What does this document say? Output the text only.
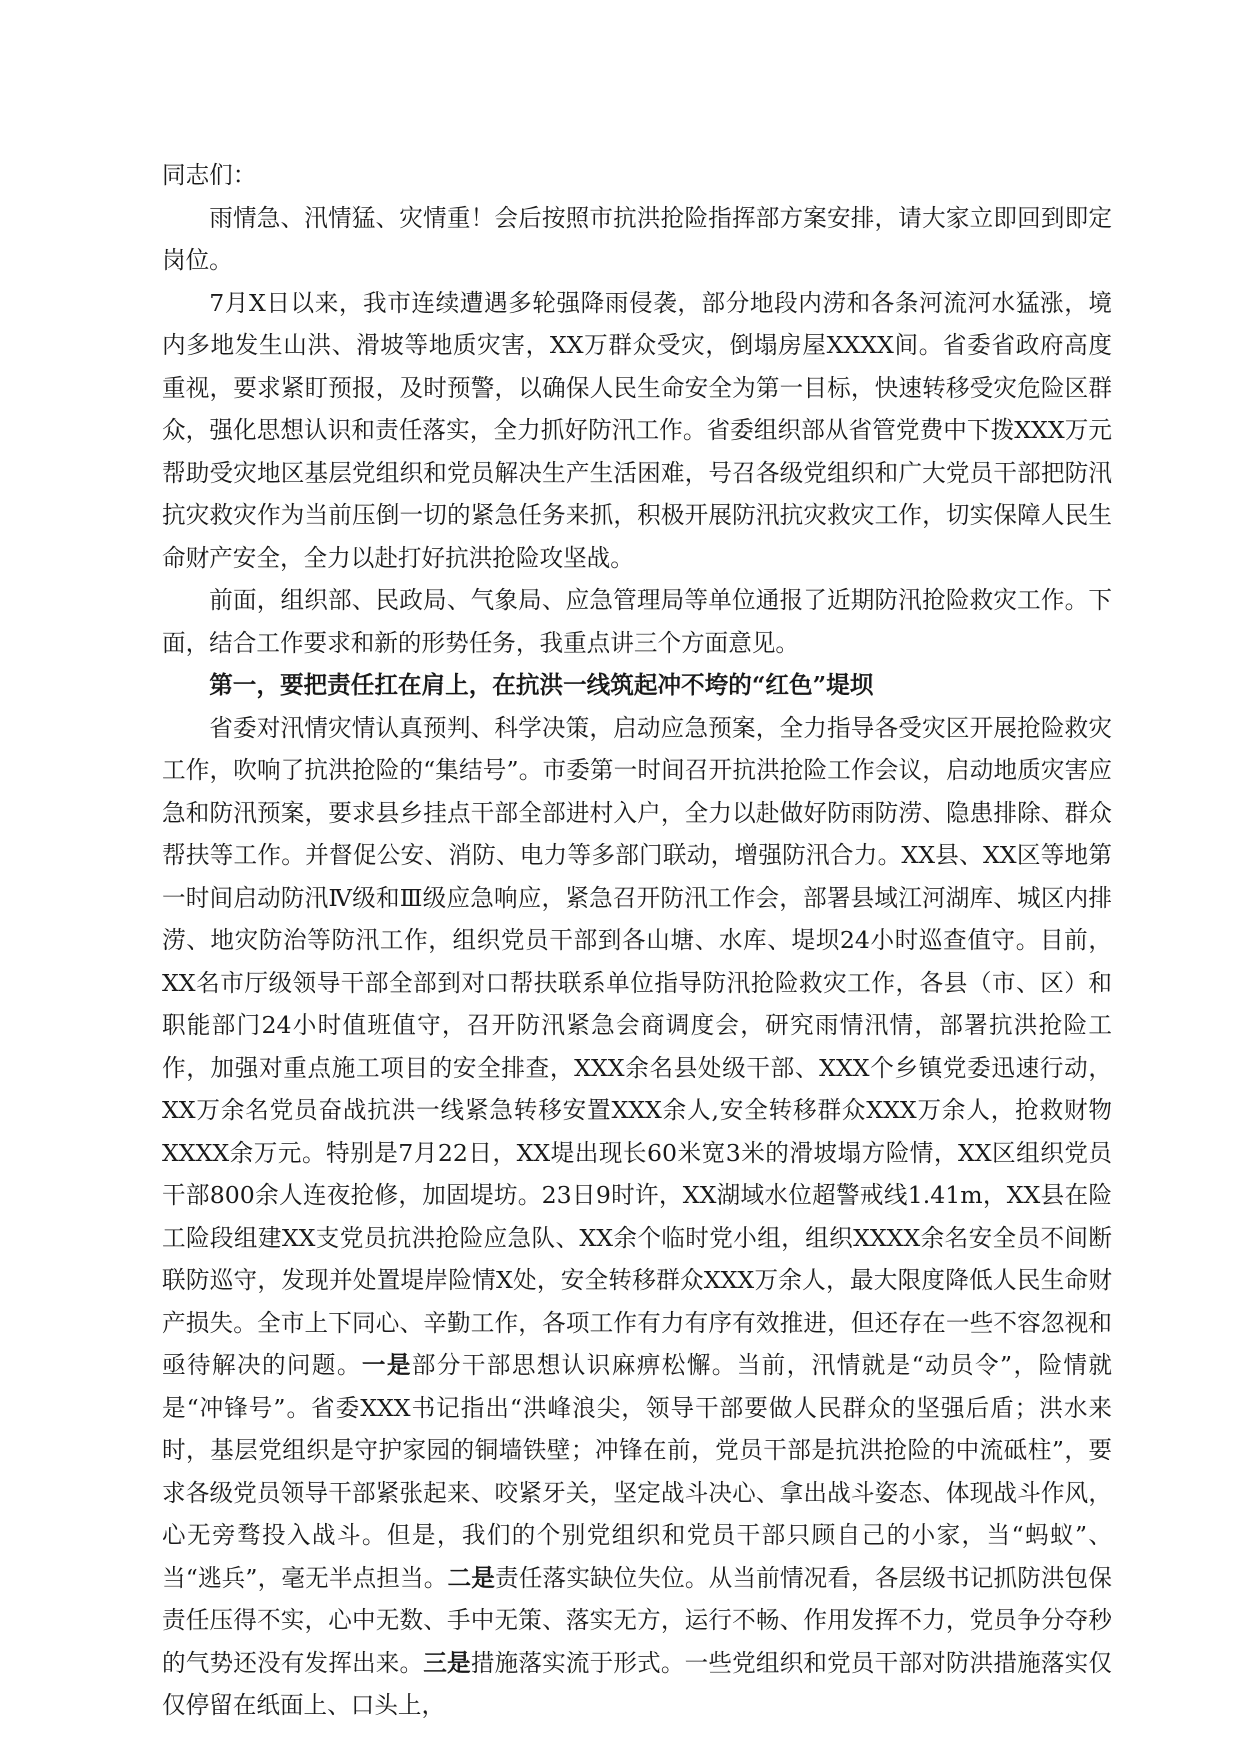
同志们：

雨情急、汛情猛、灾情重！会后按照市抗洪抢险指挥部方案安排，请大家立即回到即定岗位。

7月X日以来，我市连续遭遇多轮强降雨侵袭，部分地段内涝和各条河流河水猛涨，境内多地发生山洪、滑坡等地质灾害，XX万群众受灾，倒塌房屋XXXX间。省委省政府高度重视，要求紧盯预报，及时预警，以确保人民生命安全为第一目标，快速转移受灾危险区群众，强化思想认识和责任落实，全力抓好防汛工作。省委组织部从省管党费中下拨XXX万元帮助受灾地区基层党组织和党员解决生产生活困难，号召各级党组织和广大党员干部把防汛抗灾救灾作为当前压倒一切的紧急任务来抓，积极开展防汛抗灾救灾工作，切实保障人民生命财产安全，全力以赴打好抗洪抢险攻坚战。

前面，组织部、民政局、气象局、应急管理局等单位通报了近期防汛抢险救灾工作。下面，结合工作要求和新的形势任务，我重点讲三个方面意见。

第一，要把责任扛在肩上，在抗洪一线筑起冲不垮的“红色”堤坝

省委对汛情灾情认真预判、科学决策，启动应急预案，全力指导各受灾区开展抢险救灾工作，吹响了抗洪抢险的“集结号”。市委第一时间召开抗洪抢险工作会议，启动地质灾害应急和防汛预案，要求县乡挂点干部全部进村入户，全力以赴做好防雨防涝、隐患排除、群众帮扶等工作。并督促公安、消防、电力等多部门联动，增强防汛合力。XX县、XX区等地第一时间启动防汛Ⅳ级和Ⅲ级应急响应，紧急召开防汛工作会，部署县域江河湖库、城区内排涝、地灾防治等防汛工作，组织党员干部到各山塘、水库、堤坝24小时巡查值守。目前，XX名市厅级领导干部全部到对口帮扶联系单位指导防汛抢险救灾工作，各县（市、区）和职能部门24小时值班值守，召开防汛紧急会商调度会，研究雨情汛情，部署抗洪抢险工作，加强对重点施工项目的安全排查，XXX余名县处级干部、XXX个乡镇党委迅速行动，XX万余名党员奋战抗洪一线紧急转移安置XXX余人,安全转移群众XXX万余人，抢救财物XXXX余万元。特别是7月22日，XX堤出现长60米宽3米的滑坡塌方险情，XX区组织党员干部800余人连夜抢修，加固堤坊。23日9时许，XX湖域水位超警戒线1.41m，XX县在险工险段组建XX支党员抗洪抢险应急队、XX余个临时党小组，组织XXXX余名安全员不间断联防巡守，发现并处置堤岸险情X处，安全转移群众XXX万余人，最大限度降低人民生命财产损失。全市上下同心、辛勤工作，各项工作有力有序有效推进，但还存在一些不容忽视和亟待解决的问题。一是部分干部思想认识麻痹松懈。当前，汛情就是“动员令”，险情就是“冲锋号”。省委XXX书记指出“洪峰浪尖，领导干部要做人民群众的坚强后盾；洪水来时，基层党组织是守护家园的铜墙铁壁；冲锋在前，党员干部是抗洪抢险的中流砥柱”，要求各级党员领导干部紧张起来、咬紧牙关，坚定战斗决心、拿出战斗姿态、体现战斗作风，心无旁骛投入战斗。但是，我们的个别党组织和党员干部只顾自己的小家，当“蚂蚁”、当“逃兵”，毫无半点担当。二是责任落实缺位失位。从当前情况看，各层级书记抓防洪包保责任压得不实，心中无数、手中无策、落实无方，运行不畅、作用发挥不力，党员争分夺秒的气势还没有发挥出来。三是措施落实流于形式。一些党组织和党员干部对防洪措施落实仅仅停留在纸面上、口头上，
